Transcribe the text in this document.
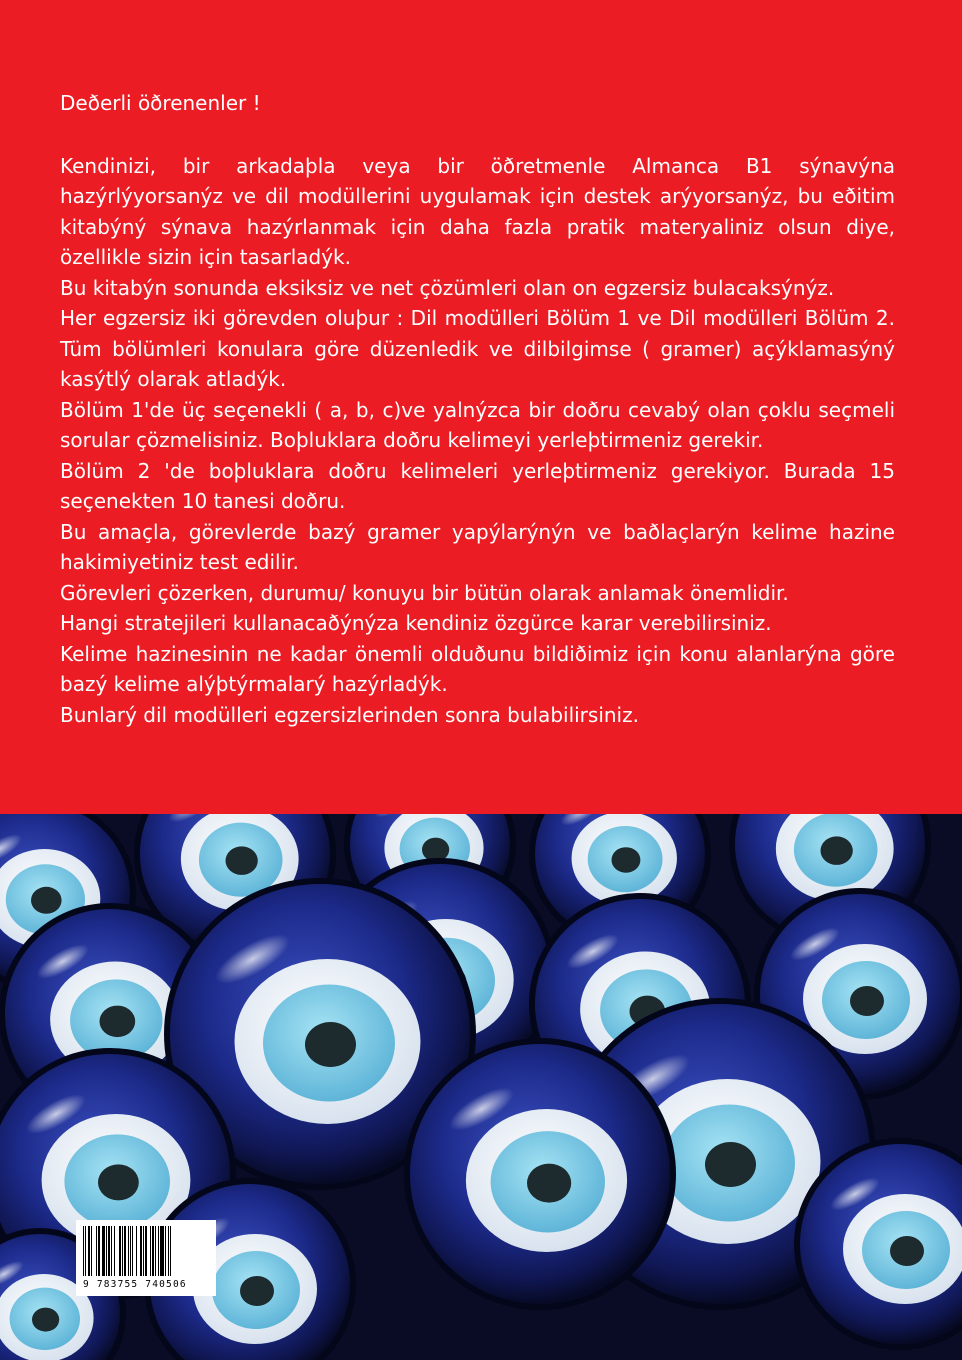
Deðerli öðrenenler !

Kendinizi, bir arkadaþla veya bir öðretmenle Almanca B1 sýnavýna hazýrlýyorsanýz ve dil modüllerini uygulamak için destek arýyorsanýz, bu eðitim kitabýný sýnava hazýrlanmak için daha fazla pratik materyaliniz olsun diye, özellikle sizin için tasarladýk.

Bu kitabýn sonunda eksiksiz ve net çözümleri olan on egzersiz bulacaksýnýz.

Her egzersiz iki görevden oluþur : Dil modülleri Bölüm 1 ve Dil modülleri Bölüm 2. Tüm bölümleri konulara göre düzenledik ve dilbilgimse ( gramer) açýklamasýný kasýtlý olarak atladýk.

Bölüm 1'de üç seçenekli ( a, b, c)ve yalnýzca bir doðru cevabý olan çoklu seçmeli sorular çözmelisiniz. Boþluklara doðru kelimeyi yerleþtirmeniz gerekir.

Bölüm 2 'de boþluklara doðru kelimeleri yerleþtirmeniz gerekiyor. Burada 15 seçenekten 10 tanesi doðru.

Bu amaçla, görevlerde bazý gramer yapýlarýnýn ve baðlaçlarýn kelime hazine hakimiyetiniz test edilir.

Görevleri çözerken, durumu/ konuyu bir bütün olarak anlamak önemlidir.

Hangi stratejileri kullanacaðýnýza kendiniz özgürce karar verebilirsiniz.

Kelime hazinesinin ne kadar önemli olduðunu bildiðimiz için konu alanlarýna göre bazý kelime alýþtýrmalarý hazýrladýk.

Bunlarý dil modülleri egzersizlerinden sonra bulabilirsiniz.

9 783755 740506
